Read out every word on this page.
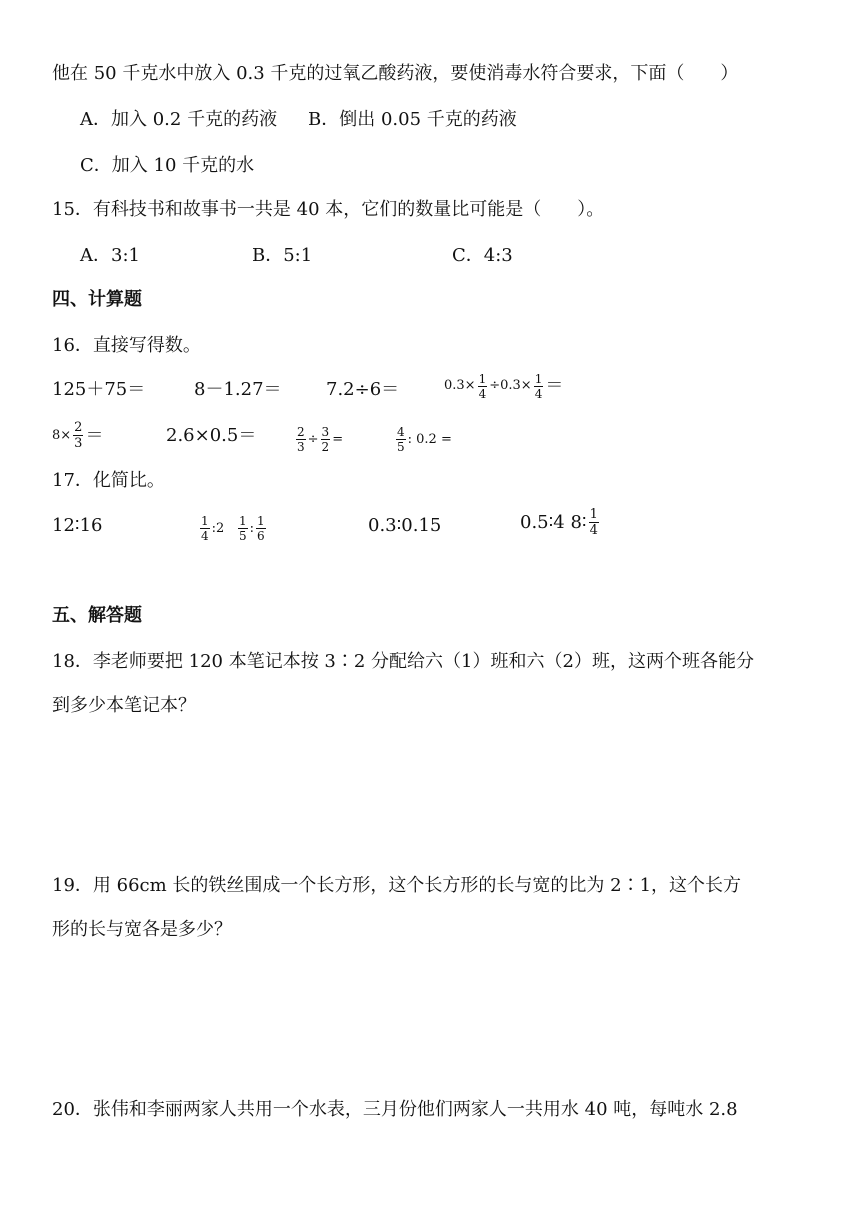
他在 50 千克水中放入 0.3 千克的过氧乙酸药液，要使消毒水符合要求，下面（　　）
A．加入 0.2 千克的药液 B．倒出 0.05 千克的药液
C．加入 10 千克的水
15．有科技书和故事书一共是 40 本，它们的数量比可能是（　　）。
A．3:1	B．5:1	C．4:3
四、计算题
16．直接写得数。
125＋75＝	8－1.27＝ 7.2÷6＝	$0.3\times \frac{1}{4} \div 0.3\times \frac{1}{4}$ ＝
$8\times \frac{2}{3}$ ＝	2.6×0.5＝	$\frac{2}{3} \div \frac{3}{2}$ =	$\frac{4}{5}$ : 0.2 =
17．化简比。
12∶16	$\frac{1}{4}$ :2 $\frac{1}{5}$ : $\frac{1}{6}$	0.3∶0.15	0.5∶4 8∶ $\frac{1}{4}$
五、解答题
18．李老师要把 120 本笔记本按 3∶2 分配给六（1）班和六（2）班，这两个班各能分
到多少本笔记本？
19．用 66cm 长的铁丝围成一个长方形，这个长方形的长与宽的比为 2∶1，这个长方
形的长与宽各是多少？
20．张伟和李丽两家人共用一个水表，三月份他们两家人一共用水 40 吨，每吨水 2.8
